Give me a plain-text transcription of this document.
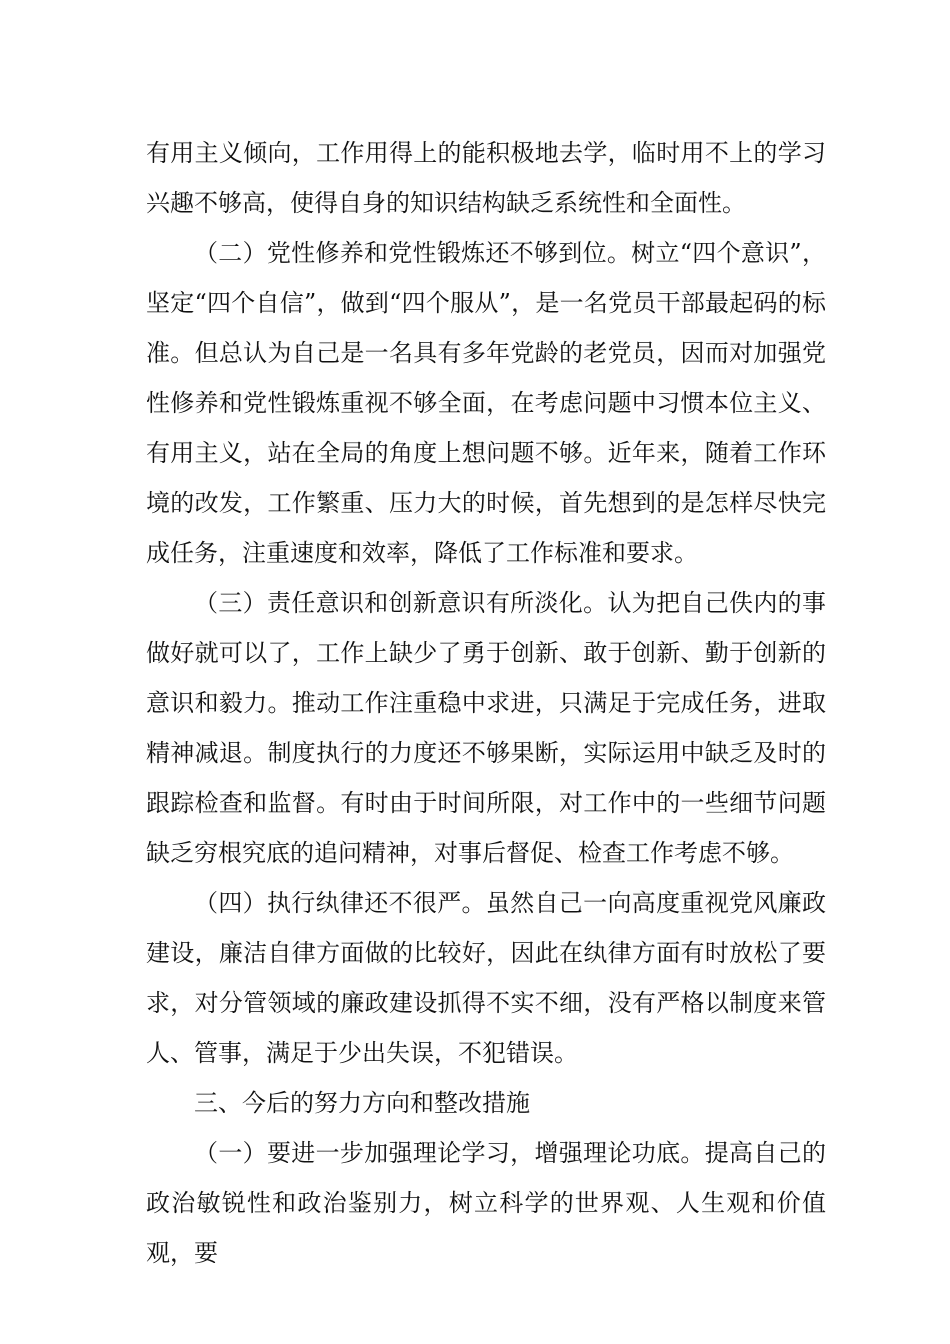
有用主义倾向，工作用得上的能积极地去学，临时用不上的学习兴趣不够高，使得自身的知识结构缺乏系统性和全面性。

（二）党性修养和党性锻炼还不够到位。树立“四个意识”，坚定“四个自信”，做到“四个服从”，是一名党员干部最起码的标准。但总认为自己是一名具有多年党龄的老党员，因而对加强党性修养和党性锻炼重视不够全面，在考虑问题中习惯本位主义、有用主义，站在全局的角度上想问题不够。近年来，随着工作环境的改发，工作繁重、压力大的时候，首先想到的是怎样尽快完成任务，注重速度和效率，降低了工作标准和要求。

（三）责任意识和创新意识有所淡化。认为把自己佚内的事做好就可以了，工作上缺少了勇于创新、敢于创新、勤于创新的意识和毅力。推动工作注重稳中求进，只满足于完成任务，进取精神减退。制度执行的力度还不够果断，实际运用中缺乏及时的跟踪检查和监督。有时由于时间所限，对工作中的一些细节问题缺乏穷根究底的追问精神，对事后督促、检查工作考虑不够。

（四）执行纨律还不很严。虽然自己一向高度重视党风廉政建设，廉洁自律方面做的比较好，因此在纨律方面有时放松了要求，对分管领域的廉政建设抓得不实不细，没有严格以制度来管人、管事，满足于少出失误，不犯错误。

三、今后的努力方向和整改措施

（一）要进一步加强理论学习，增强理论功底。提高自己的政治敏锐性和政治鉴别力，树立科学的世界观、人生观和价值观，要
